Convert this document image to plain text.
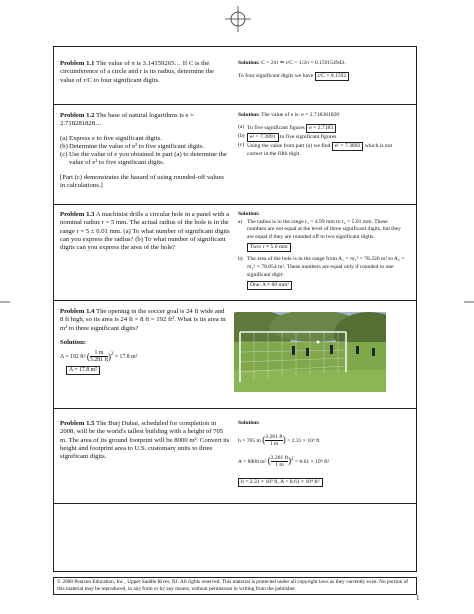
Problem 1.1 The value of π is 3.14159265… If C is the circumference of a circle and r is its radius, determine the value of r/C to four significant digits.
Solution: C = 2πr ⇒ r/C = 1/2π = 0.159154943.
To four significant digits we have r/C = 0.1592
Problem 1.2 The base of natural logarithms is e = 2.718281828…
(a) Express e to five significant digits.
(b) Determine the value of e² to five significant digits.
(c) Use the value of e you obtained in part (a) to determine the value of e² to five significant digits.
[Part (c) demonstrates the hazard of using rounded-off values in calculations.]
Solution: The value of e is: e = 2.718281828
(a) To five significant figures e = 2.7183
(b) e² = 7.3891 to five significant figures
(c) Using the value from part (a) we find e² = 7.3892 which is not correct in the fifth digit.
Problem 1.3 A machinist drills a circular hole in a panel with a nominal radius r = 5 mm. The actual radius of the hole is in the range r = 5 ± 0.01 mm. (a) To what number of significant digits can you express the radius? (b) To what number of significant digits can you express the area of the hole?
Solution:
a) The radius is in the range r₁ = 4.99 mm to r₂ = 5.01 mm. These numbers are not equal at the level of three significant digits, but they are equal if they are rounded off to two significant digits.
Two: r ≈ 5.0 mm
b) The area of the hole is in the range from A₁ = πr₁² = 78.226 m² to A₂ = πr₂² = 78.854 m². These numbers are equal only if rounded to one significant digit:
One: A ≈ 80 mm²
Problem 1.4 The opening in the soccer goal is 24 ft wide and 8 ft high, so its area is 24 ft × 8 ft = 192 ft². What is its area in m² to three significant digits?
Solution:
A = 192 ft² ( $\frac{1 m}{3.281 ft} )^2 = 17.8$ m²
A = 17.8 m²
Problem 1.5 The Burj Dubai, scheduled for completion in 2008, will be the world's tallest building with a height of 705 m. The area of its ground footprint will be 8000 m². Convert its height and footprint area to U.S. customary units to three significant digits.
Solution:
h = 705 m ( $\frac{3.281 ft}{1 m}$ ) = 2.31 × 10³ ft
A = 8000 m² ( $\frac{3.281 ft}{1 m} )^2 = 8.61 \times 10^4$ ft²
h = 2.31 × 10³ ft, A = 8.61 × 10⁴ ft²
© 2008 Pearson Education, Inc., Upper Saddle River, NJ. All rights reserved. This material is protected under all copyright laws as they currently exist. No portion of this material may be reproduced, in any form or by any means, without permission in writing from the publisher.
1
